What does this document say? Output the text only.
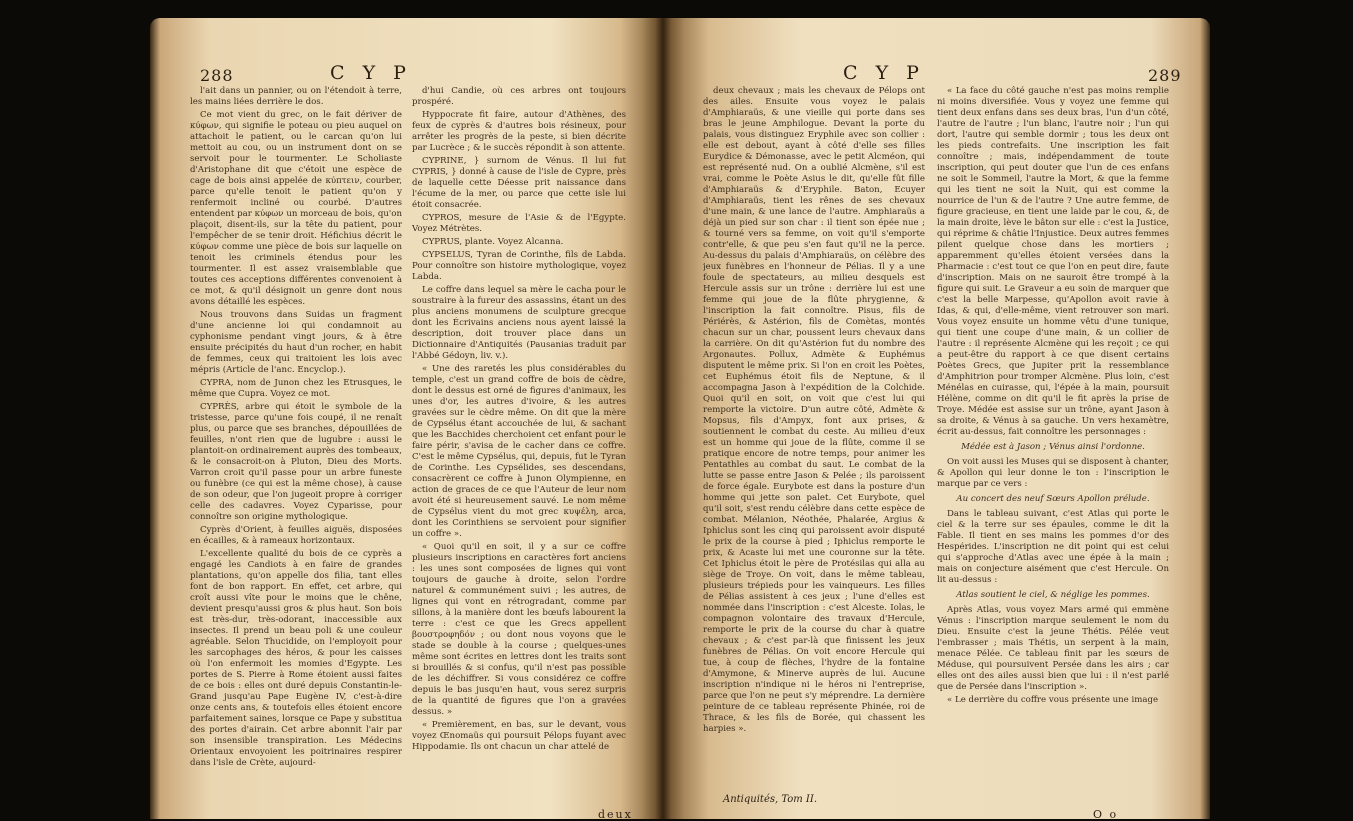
288	C Y P

l'ait dans un pannier, ou on l'étendoit à terre, les mains liées derrière le dos.

Ce mot vient du grec, on le fait dériver de κύφων, qui signifie le poteau ou pieu auquel on attachoit le patient, ou le carcan qu'on lui mettoit au cou, ou un instrument dont on se servoit pour le tourmenter. Le Scholiaste d'Aristophane dit que c'étoit une espèce de cage de bois ainsi appelée de κύπτειν, courber, parce qu'elle tenoit le patient qu'on y renfermoit incliné ou courbé. D'autres entendent par κύφων un morceau de bois, qu'on plaçoit, disent-ils, sur la tête du patient, pour l'empêcher de se tenir droit. Héfichius décrit le κύφων comme une pièce de bois sur laquelle on tenoit les criminels étendus pour les tourmenter. Il est assez vraisemblable que toutes ces acceptions différentes convenoient à ce mot, & qu'il désignoit un genre dont nous avons détaillé les espèces.

Nous trouvons dans Suidas un fragment d'une ancienne loi qui condamnoit au cyphonisme pendant vingt jours, & à être ensuite précipités du haut d'un rocher, en habit de femmes, ceux qui traitoient les lois avec mépris (Article de l'anc. Encyclop.).

CYPRA, nom de Junon chez les Etrusques, le même que Cupra. Voyez ce mot.

CYPRÈS, arbre qui étoit le symbole de la tristesse, parce qu'une fois coupé, il ne renaît plus, ou parce que ses branches, dépouillées de feuilles, n'ont rien que de lugubre : aussi le plantoit-on ordinairement auprès des tombeaux, & le consacroit-on à Pluton, Dieu des Morts. Varron croit qu'il passe pour un arbre funeste ou funèbre (ce qui est la même chose), à cause de son odeur, que l'on jugeoit propre à corriger celle des cadavres. Voyez Cyparisse, pour connoître son origine mythologique.

Cyprès d'Orient, à feuilles aiguës, disposées en écailles, & à rameaux horizontaux.

L'excellente qualité du bois de ce cyprès a engagé les Candiots à en faire de grandes plantations, qu'on appelle dos filia, tant elles font de bon rapport. En effet, cet arbre, qui croît aussi vîte pour le moins que le chêne, devient presqu'aussi gros & plus haut. Son bois est très-dur, très-odorant, inaccessible aux insectes. Il prend un beau poli & une couleur agréable. Selon Thucidide, on l'employoit pour les sarcophages des héros, & pour les caisses où l'on enfermoit les momies d'Egypte. Les portes de S. Pierre à Rome étoient aussi faites de ce bois : elles ont duré depuis Constantin-le-Grand jusqu'au Pape Eugène IV, c'est-à-dire onze cents ans, & toutefois elles étoient encore parfaitement saines, lorsque ce Pape y substitua des portes d'airain. Cet arbre abonnit l'air par son insensible transpiration. Les Médecins Orientaux envoyoient les poitrinaires respirer dans l'isle de Crète, aujourd-

d'hui Candie, où ces arbres ont toujours prospéré.

Hyppocrate fit faire, autour d'Athènes, des feux de cyprès & d'autres bois résineux, pour arrêter les progrès de la peste, si bien décrite par Lucrèce ; & le succès répondit à son attente.

CYPRINE, } surnom de Vénus. Il lui fut CYPRIS, } donné à cause de l'isle de Cypre, près de laquelle cette Déesse prit naissance dans l'écume de la mer, ou parce que cette isle lui étoit consacrée.

CYPROS, mesure de l'Asie & de l'Egypte. Voyez Métrètes.

CYPRUS, plante. Voyez Alcanna.

CYPSELUS, Tyran de Corinthe, fils de Labda. Pour connoître son histoire mythologique, voyez Labda.

Le coffre dans lequel sa mère le cacha pour le soustraire à la fureur des assassins, étant un des plus anciens monumens de sculpture grecque dont les Écrivains anciens nous ayent laissé la description, doit trouver place dans un Dictionnaire d'Antiquités (Pausanias traduit par l'Abbé Gédoyn, liv. v.).

« Une des raretés les plus considérables du temple, c'est un grand coffre de bois de cèdre, dont le dessus est orné de figures d'animaux, les unes d'or, les autres d'ivoire, & les autres gravées sur le cèdre même. On dit que la mère de Cypsélus étant accouchée de lui, & sachant que les Bacchides cherchoient cet enfant pour le faire périr, s'avisa de le cacher dans ce coffre. C'est le même Cypsélus, qui, depuis, fut le Tyran de Corinthe. Les Cypsélides, ses descendans, consacrèrent ce coffre à Junon Olympienne, en action de graces de ce que l'Auteur de leur nom avoit été si heureusement sauvé. Le nom même de Cypsélus vient du mot grec κυψέλη, arca, dont les Corinthiens se servoient pour signifier un coffre ».

« Quoi qu'il en soit, il y a sur ce coffre plusieurs inscriptions en caractères fort anciens : les unes sont composées de lignes qui vont toujours de gauche à droite, selon l'ordre naturel & communément suivi ; les autres, de lignes qui vont en rétrogradant, comme par sillons, à la manière dont les bœufs labourent la terre : c'est ce que les Grecs appellent βουστροφηδόν ; ou dont nous voyons que le stade se double à la course ; quelques-unes même sont écrites en lettres dont les traits sont si brouillés & si confus, qu'il n'est pas possible de les déchiffrer. Si vous considérez ce coffre depuis le bas jusqu'en haut, vous serez surpris de la quantité de figures que l'on a gravées dessus. »

« Premièrement, en bas, sur le devant, vous voyez Œnomaüs qui poursuit Pélops fuyant avec Hippodamie. Ils ont chacun un char attelé de

deux
C Y P	289

deux chevaux ; mais les chevaux de Pélops ont des ailes. Ensuite vous voyez le palais d'Amphiaraüs, & une vieille qui porte dans ses bras le jeune Amphilogue. Devant la porte du palais, vous distinguez Eryphile avec son collier : elle est debout, ayant à côté d'elle ses filles Eurydice & Démonasse, avec le petit Alcméon, qui est représenté nud. On a oublié Alcmène, s'il est vrai, comme le Poète Asius le dit, qu'elle fût fille d'Amphiaraüs & d'Eryphile. Baton, Ecuyer d'Amphiaraüs, tient les rênes de ses chevaux d'une main, & une lance de l'autre. Amphiaraüs a déjà un pied sur son char : il tient son épée nue ; & tourné vers sa femme, on voit qu'il s'emporte contr'elle, & que peu s'en faut qu'il ne la perce. Au-dessus du palais d'Amphiaraüs, on célèbre des jeux funèbres en l'honneur de Pélias. Il y a une foule de spectateurs, au milieu desquels est Hercule assis sur un trône : derrière lui est une femme qui joue de la flûte phrygienne, & l'inscription la fait connoître. Pisus, fils de Périérès, & Astérion, fils de Comètas, montés chacun sur un char, poussent leurs chevaux dans la carrière. On dit qu'Astérion fut du nombre des Argonautes. Pollux, Admète & Euphémus disputent le même prix. Si l'on en croit les Poètes, cet Euphémus étoit fils de Neptune, & il accompagna Jason à l'expédition de la Colchide. Quoi qu'il en soit, on voit que c'est lui qui remporte la victoire. D'un autre côté, Admète & Mopsus, fils d'Ampyx, font aux prises, & soutiennent le combat du ceste. Au milieu d'eux est un homme qui joue de la flûte, comme il se pratique encore de notre temps, pour animer les Pentathles au combat du saut. Le combat de la lutte se passe entre Jason & Pelée ; ils paroissent de force égale. Eurybote est dans la posture d'un homme qui jette son palet. Cet Eurybote, quel qu'il soit, s'est rendu célèbre dans cette espèce de combat. Mélanion, Néothée, Phalarée, Argius & Iphiclus sont les cinq qui paroissent avoir disputé le prix de la course à pied ; Iphiclus remporte le prix, & Acaste lui met une couronne sur la tête. Cet Iphiclus étoit le père de Protésilas qui alla au siège de Troye. On voit, dans le même tableau, plusieurs trépieds pour les vainqueurs. Les filles de Pélias assistent à ces jeux ; l'une d'elles est nommée dans l'inscription : c'est Alceste. Iolas, le compagnon volontaire des travaux d'Hercule, remporte le prix de la course du char à quatre chevaux ; & c'est par-là que finissent les jeux funèbres de Pélias. On voit encore Hercule qui tue, à coup de flèches, l'hydre de la fontaine d'Amymone, & Minerve auprès de lui. Aucune inscription n'indique ni le héros ni l'entreprise, parce que l'on ne peut s'y méprendre. La dernière peinture de ce tableau représente Phinée, roi de Thrace, & les fils de Borée, qui chassent les harpies ».

« La face du côté gauche n'est pas moins remplie ni moins diversifiée. Vous y voyez une femme qui tient deux enfans dans ses deux bras, l'un d'un côté, l'autre de l'autre ; l'un blanc, l'autre noir ; l'un qui dort, l'autre qui semble dormir ; tous les deux ont les pieds contrefaits. Une inscription les fait connoître ; mais, indépendamment de toute inscription, qui peut douter que l'un de ces enfans ne soit le Sommeil, l'autre la Mort, & que la femme qui les tient ne soit la Nuit, qui est comme la nourrice de l'un & de l'autre ? Une autre femme, de figure gracieuse, en tient une laide par le cou, &, de la main droite, lève le bâton sur elle : c'est la Justice, qui réprime & châtie l'Injustice. Deux autres femmes pilent quelque chose dans les mortiers ; apparemment qu'elles étoient versées dans la Pharmacie : c'est tout ce que l'on en peut dire, faute d'inscription. Mais on ne sauroit être trompé à la figure qui suit. Le Graveur a eu soin de marquer que c'est la belle Marpesse, qu'Apollon avoit ravie à Idas, & qui, d'elle-même, vient retrouver son mari. Vous voyez ensuite un homme vêtu d'une tunique, qui tient une coupe d'une main, & un collier de l'autre : il représente Alcmène qui les reçoit ; ce qui a peut-être du rapport à ce que disent certains Poètes Grecs, que Jupiter prit la ressemblance d'Amphitrion pour tromper Alcmène. Plus loin, c'est Ménélas en cuirasse, qui, l'épée à la main, poursuit Hélène, comme on dit qu'il le fit après la prise de Troye. Médée est assise sur un trône, ayant Jason à sa droite, & Vénus à sa gauche. Un vers hexamètre, écrit au-dessus, fait connoître les personnages :

Médée est à Jason ; Vénus ainsi l'ordonne.

On voit aussi les Muses qui se disposent à chanter, & Apollon qui leur donne le ton : l'inscription le marque par ce vers :

Au concert des neuf Sœurs Apollon prélude.

Dans le tableau suivant, c'est Atlas qui porte le ciel & la terre sur ses épaules, comme le dit la Fable. Il tient en ses mains les pommes d'or des Hespérides. L'inscription ne dit point qui est celui qui s'approche d'Atlas avec une épée à la main ; mais on conjecture aisément que c'est Hercule. On lit au-dessus :

Atlas soutient le ciel, & néglige les pommes.

Après Atlas, vous voyez Mars armé qui emmène Vénus : l'inscription marque seulement le nom du Dieu. Ensuite c'est la jeune Thétis. Pélée veut l'embrasser ; mais Thétis, un serpent à la main, menace Pélée. Ce tableau finit par les sœurs de Méduse, qui poursuivent Persée dans les airs ; car elles ont des ailes aussi bien que lui : il n'est parlé que de Persée dans l'inscription ».

« Le derrière du coffre vous présente une image

Antiquités, Tom II.
O o
